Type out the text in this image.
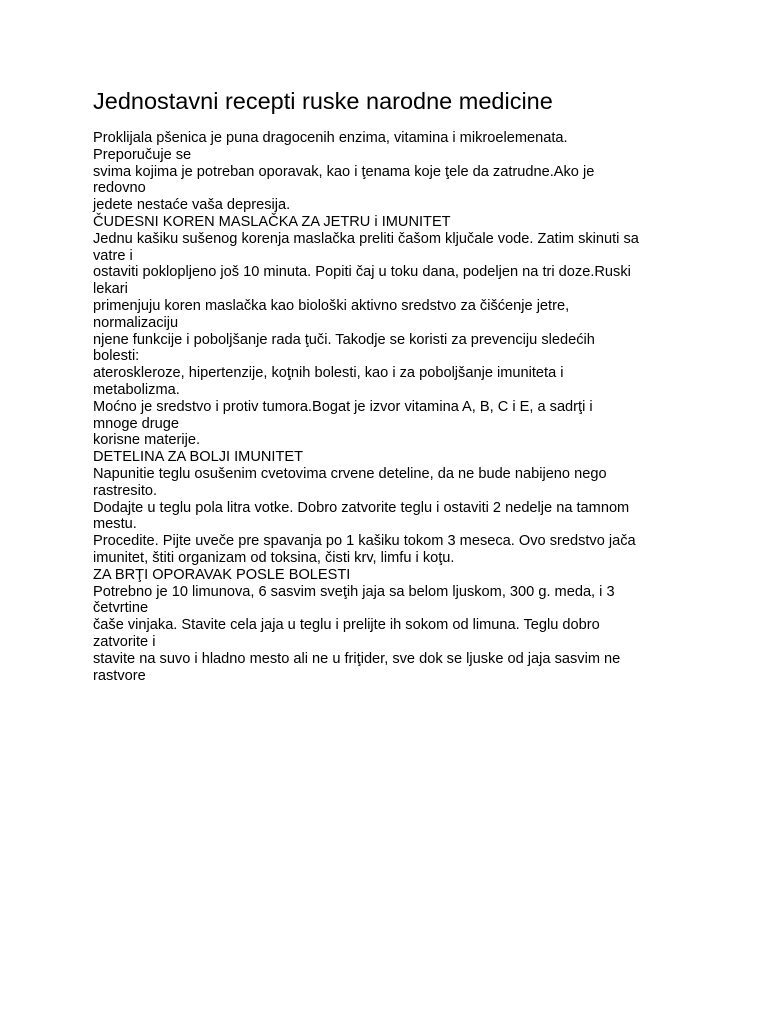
Jednostavni recepti ruske narodne medicine
Proklijala pšenica je puna dragocenih enzima, vitamina i mikroelemenata.
Preporučuje se
svima kojima je potreban oporavak, kao i ţenama koje ţele da zatrudne.Ako je
redovno
jedete nestaće vaša depresija.
ČUDESNI KOREN MASLAČKA ZA JETRU i IMUNITET
Jednu kašiku sušenog korenja maslačka preliti čašom ključale vode. Zatim skinuti sa
vatre i
ostaviti poklopljeno još 10 minuta. Popiti čaj u toku dana, podeljen na tri doze.Ruski
lekari
primenjuju koren maslačka kao biološki aktivno sredstvo za čišćenje jetre,
normalizaciju
njene funkcije i poboljšanje rada ţuči. Takodje se koristi za prevenciju sledećih
bolesti:
ateroskleroze, hipertenzije, koţnih bolesti, kao i za poboljšanje imuniteta i
metabolizma.
Moćno je sredstvo i protiv tumora.Bogat je izvor vitamina A, B, C i E, a sadrţi i
mnoge druge
korisne materije.
DETELINA ZA BOLJI IMUNITET
Napunitie teglu osušenim cvetovima crvene deteline, da ne bude nabijeno nego
rastresito.
Dodajte u teglu pola litra votke. Dobro zatvorite teglu i ostaviti 2 nedelje na tamnom
mestu.
Procedite. Pijte uveče pre spavanja po 1 kašiku tokom 3 meseca. Ovo sredstvo jača
imunitet, štiti organizam od toksina, čisti krv, limfu i koţu.
ZA BRŢI OPORAVAK POSLE BOLESTI
Potrebno je 10 limunova, 6 sasvim sveţih jaja sa belom ljuskom, 300 g. meda, i 3
četvrtine
čaše vinjaka. Stavite cela jaja u teglu i prelijte ih sokom od limuna. Teglu dobro
zatvorite i
stavite na suvo i hladno mesto ali ne u friţider, sve dok se ljuske od jaja sasvim ne
rastvore
